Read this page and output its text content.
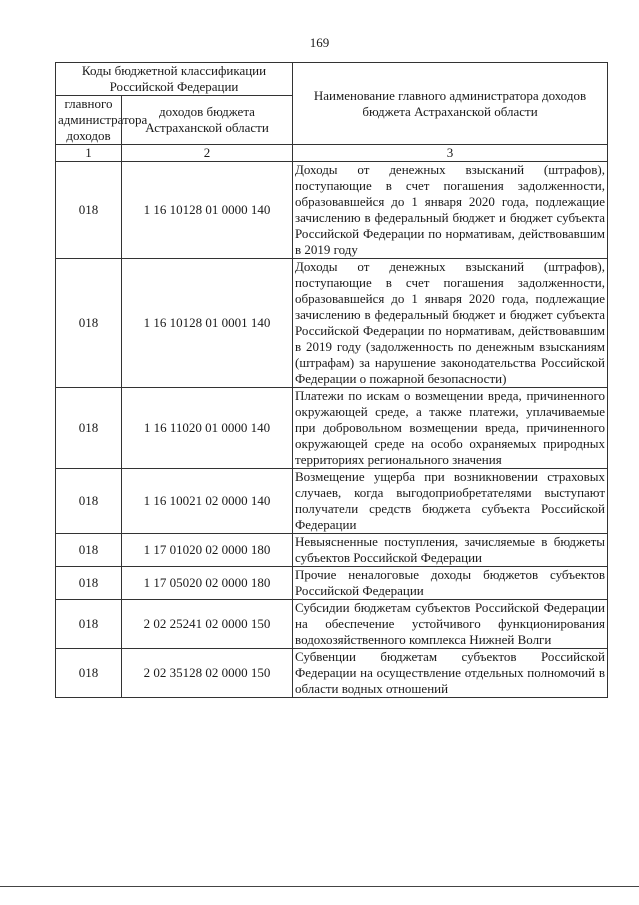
169
Коды бюджетной классификации Российской Федерации		Наименование главного администратора доходов бюджета Астраханской области
главного администратора доходов	доходов бюджета Астраханской области	
1	2	3
018	1 16 10128 01 0000 140	Доходы от денежных взысканий (штрафов), поступающие в счет погашения задолженности, образовавшейся до 1 января 2020 года, подлежащие зачислению в федеральный бюджет и бюджет субъекта Российской Федерации по нормативам, действовавшим в 2019 году
018	1 16 10128 01 0001 140	Доходы от денежных взысканий (штрафов), поступающие в счет погашения задолженности, образовавшейся до 1 января 2020 года, подлежащие зачислению в федеральный бюджет и бюджет субъекта Российской Федерации по нормативам, действовавшим в 2019 году (задолженность по денежным взысканиям (штрафам) за нарушение законодательства Российской Федерации о пожарной безопасности)
018	1 16 11020 01 0000 140	Платежи по искам о возмещении вреда, причиненного окружающей среде, а также платежи, уплачиваемые при добровольном возмещении вреда, причиненного окружающей среде на особо охраняемых природных территориях регионального значения
018	1 16 10021 02 0000 140	Возмещение ущерба при возникновении страховых случаев, когда выгодоприобретателями выступают получатели средств бюджета субъекта Российской Федерации
018	1 17 01020 02 0000 180	Невыясненные поступления, зачисляемые в бюджеты субъектов Российской Федерации
018	1 17 05020 02 0000 180	Прочие неналоговые доходы бюджетов субъектов Российской Федерации
018	2 02 25241 02 0000 150	Субсидии бюджетам субъектов Российской Федерации на обеспечение устойчивого функционирования водохозяйственного комплекса Нижней Волги
018	2 02 35128 02 0000 150	Субвенции бюджетам субъектов Российской Федерации на осуществление отдельных полномочий в области водных отношений
